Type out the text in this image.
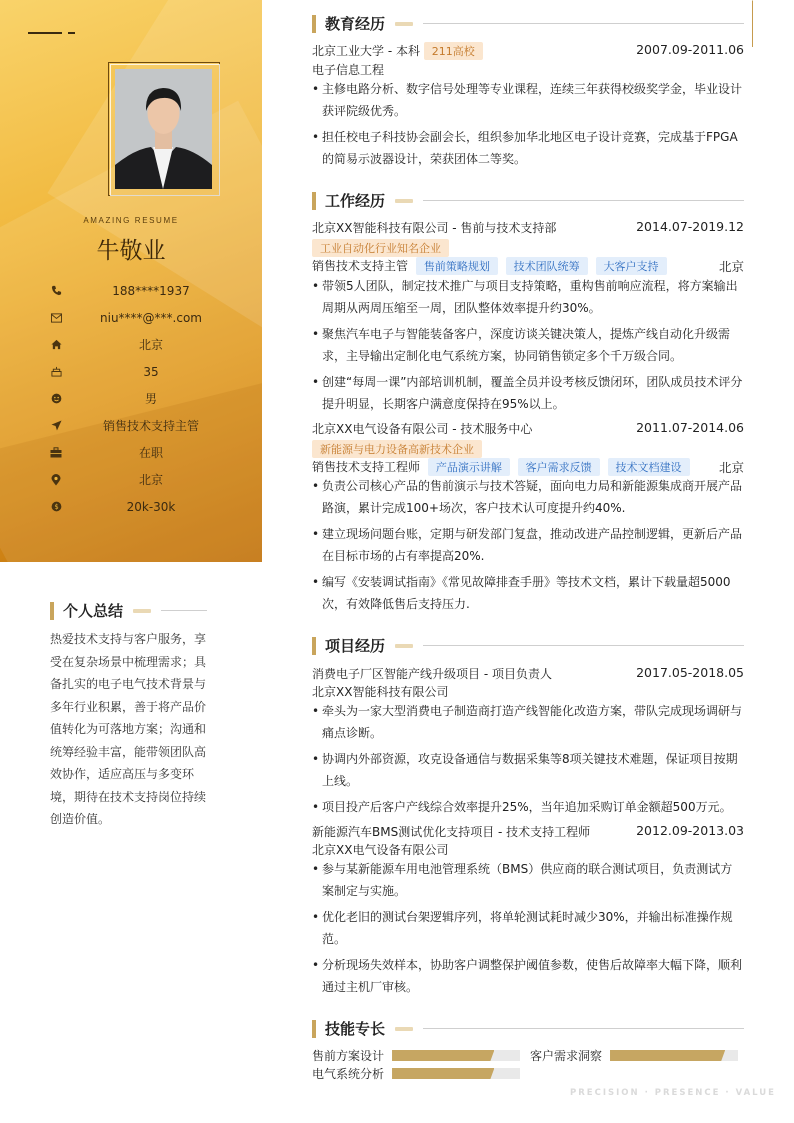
AMAZING RESUME
牛敬业
188****1937
niu****@***.com
北京
35
男
销售技术支持主管
在职
北京
$	20k-30k
个人总结
热爱技术支持与客户服务，享受在复杂场景中梳理需求；具备扎实的电子电气技术背景与多年行业积累，善于将产品价值转化为可落地方案；沟通和统筹经验丰富，能带领团队高效协作，适应高压与多变环境，期待在技术支持岗位持续创造价值。
教育经历
北京工业大学 - 本科 211高校	2007.09-2011.06
电子信息工程
• 主修电路分析、数字信号处理等专业课程，连续三年获得校级奖学金，毕业设计获评院级优秀。
• 担任校电子科技协会副会长，组织参加华北地区电子设计竞赛，完成基于FPGA的简易示波器设计，荣获团体二等奖。
工作经历
北京XX智能科技有限公司 - 售前与技术支持部	2014.07-2019.12
工业自动化行业知名企业
销售技术支持主管 售前策略规划 技术团队统筹 大客户支持	北京
• 带领5人团队，制定技术推广与项目支持策略，重构售前响应流程，将方案输出周期从两周压缩至一周，团队整体效率提升约30%。
• 聚焦汽车电子与智能装备客户，深度访谈关键决策人，提炼产线自动化升级需求，主导输出定制化电气系统方案，协同销售锁定多个千万级合同。
• 创建“每周一课”内部培训机制，覆盖全员并设考核反馈闭环，团队成员技术评分提升明显，长期客户满意度保持在95%以上。
北京XX电气设备有限公司 - 技术服务中心	2011.07-2014.06
新能源与电力设备高新技术企业
销售技术支持工程师 产品演示讲解 客户需求反馈 技术文档建设	北京
• 负责公司核心产品的售前演示与技术答疑，面向电力局和新能源集成商开展产品路演，累计完成100+场次，客户技术认可度提升约40%.
• 建立现场问题台账，定期与研发部门复盘，推动改进产品控制逻辑，更新后产品在目标市场的占有率提高20%.
• 编写《安装调试指南》《常见故障排查手册》等技术文档，累计下载量超5000次，有效降低售后支持压力.
项目经历
消费电子厂区智能产线升级项目 - 项目负责人	2017.05-2018.05
北京XX智能科技有限公司
• 牵头为一家大型消费电子制造商打造产线智能化改造方案，带队完成现场调研与痛点诊断。
• 协调内外部资源，攻克设备通信与数据采集等8项关键技术难题，保证项目按期上线。
• 项目投产后客户产线综合效率提升25%，当年追加采购订单金额超500万元。
新能源汽车BMS测试优化支持项目 - 技术支持工程师	2012.09-2013.03
北京XX电气设备有限公司
• 参与某新能源车用电池管理系统（BMS）供应商的联合测试项目，负责测试方案制定与实施。
• 优化老旧的测试台架逻辑序列，将单轮测试耗时减少30%，并输出标准操作规范。
• 分析现场失效样本，协助客户调整保护阈值参数，使售后故障率大幅下降，顺利通过主机厂审核。
技能专长
售前方案设计	客户需求洞察
电气系统分析
PRECISION · PRESENCE · VALUE
